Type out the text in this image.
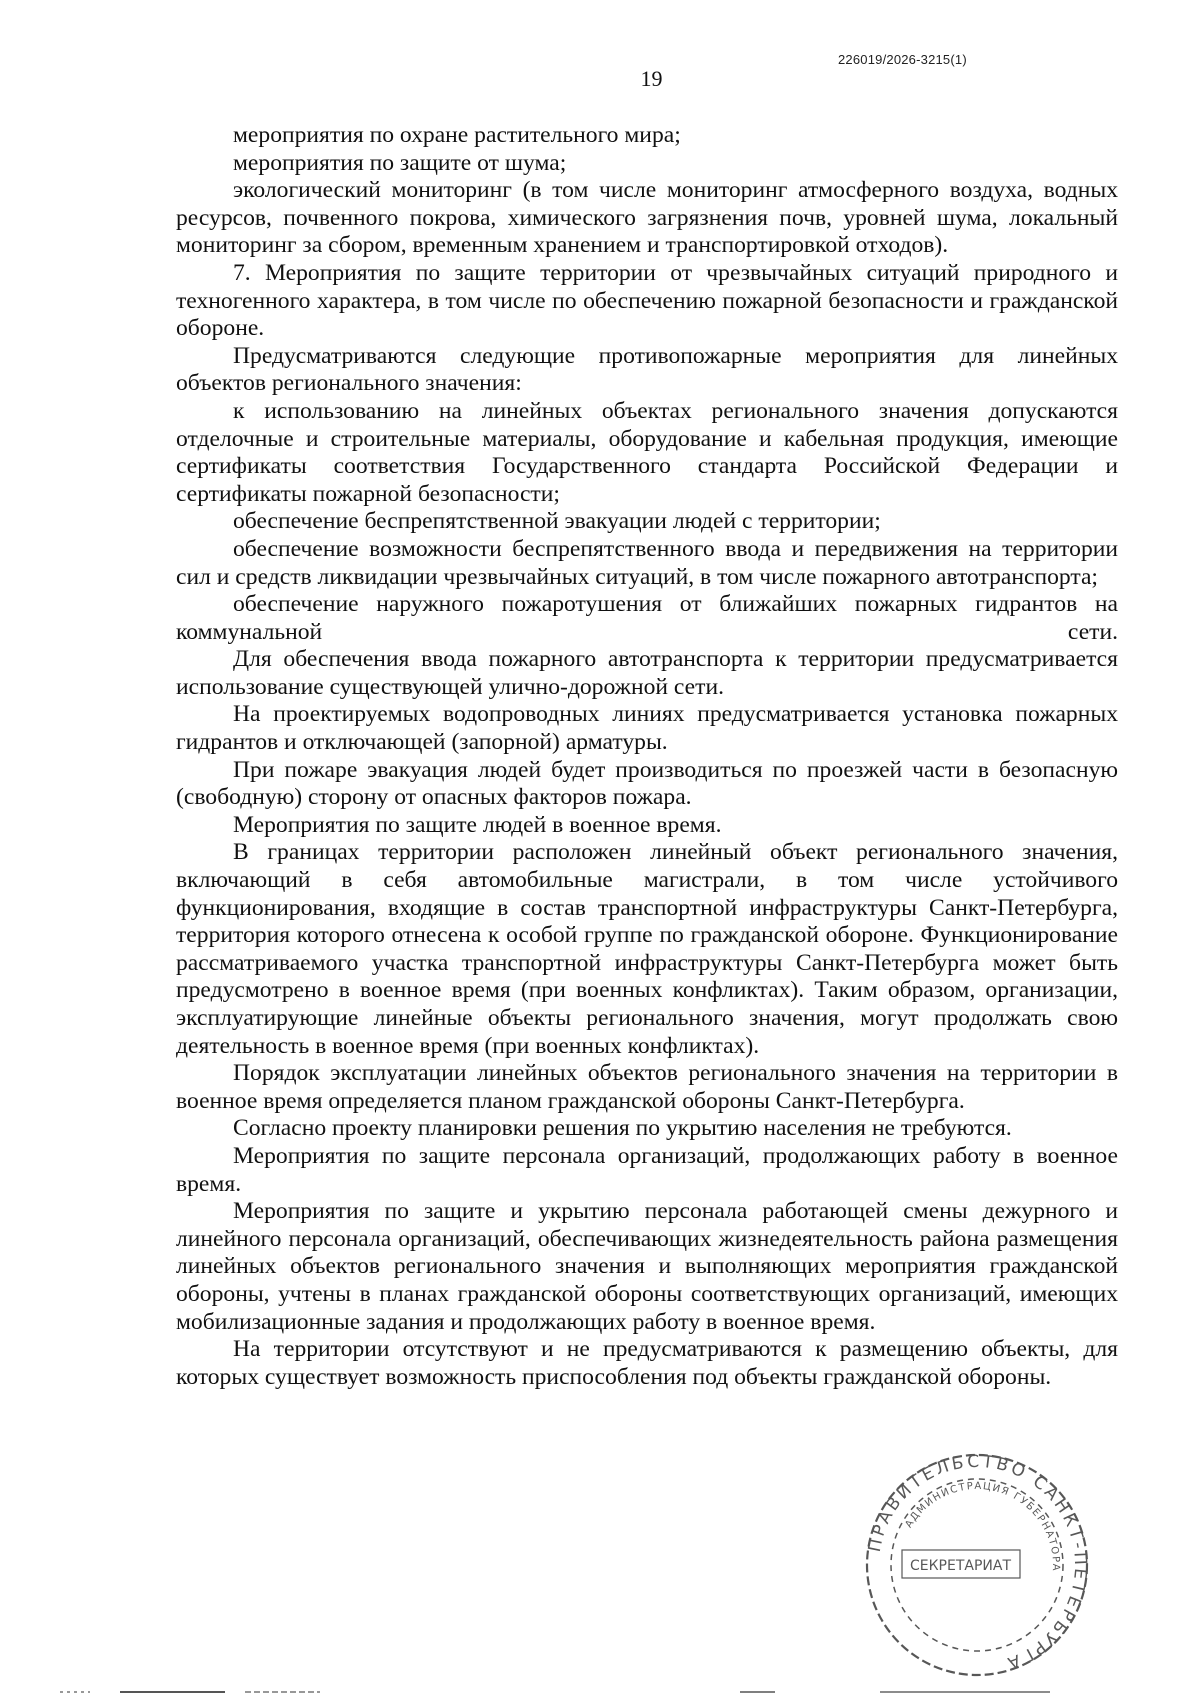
226019/2026-3215(1)
19

мероприятия по охране растительного мира;

мероприятия по защите от шума;

экологический мониторинг (в том числе мониторинг атмосферного воздуха, водных ресурсов, почвенного покрова, химического загрязнения почв, уровней шума, локальный мониторинг за сбором, временным хранением и транспортировкой отходов).

7. Мероприятия по защите территории от чрезвычайных ситуаций природного и техногенного характера, в том числе по обеспечению пожарной безопасности и гражданской обороне.

Предусматриваются следующие противопожарные мероприятия для линейных объектов регионального значения:

к использованию на линейных объектах регионального значения допускаются отделочные и строительные материалы, оборудование и кабельная продукция, имеющие сертификаты соответствия Государственного стандарта Российской Федерации и сертификаты пожарной безопасности;

обеспечение беспрепятственной эвакуации людей с территории;

обеспечение возможности беспрепятственного ввода и передвижения на территории сил и средств ликвидации чрезвычайных ситуаций, в том числе пожарного автотранспорта;

обеспечение наружного пожаротушения от ближайших пожарных гидрантов на коммунальной сети.

Для обеспечения ввода пожарного автотранспорта к территории предусматривается использование существующей улично-дорожной сети.

На проектируемых водопроводных линиях предусматривается установка пожарных гидрантов и отключающей (запорной) арматуры.

При пожаре эвакуация людей будет производиться по проезжей части в безопасную (свободную) сторону от опасных факторов пожара.

Мероприятия по защите людей в военное время.

В границах территории расположен линейный объект регионального значения, включающий в себя автомобильные магистрали, в том числе устойчивого функционирования, входящие в состав транспортной инфраструктуры Санкт-Петербурга, территория которого отнесена к особой группе по гражданской обороне. Функционирование рассматриваемого участка транспортной инфраструктуры Санкт-Петербурга может быть предусмотрено в военное время (при военных конфликтах). Таким образом, организации, эксплуатирующие линейные объекты регионального значения, могут продолжать свою деятельность в военное время (при военных конфликтах).

Порядок эксплуатации линейных объектов регионального значения на территории в военное время определяется планом гражданской обороны Санкт-Петербурга.

Согласно проекту планировки решения по укрытию населения не требуются.

Мероприятия по защите персонала организаций, продолжающих работу в военное время.

Мероприятия по защите и укрытию персонала работающей смены дежурного и линейного персонала организаций, обеспечивающих жизнедеятельность района размещения линейных объектов регионального значения и выполняющих мероприятия гражданской обороны, учтены в планах гражданской обороны соответствующих организаций, имеющих мобилизационные задания и продолжающих работу в военное время.

На территории отсутствуют и не предусматриваются к размещению объекты, для которых существует возможность приспособления под объекты гражданской обороны.

ПРАВИТЕЛЬСТВО САНКТ-ПЕТЕРБУРГА
АДМИНИСТРАЦИЯ ГУБЕРНАТОРА
СЕКРЕТАРИАТ
